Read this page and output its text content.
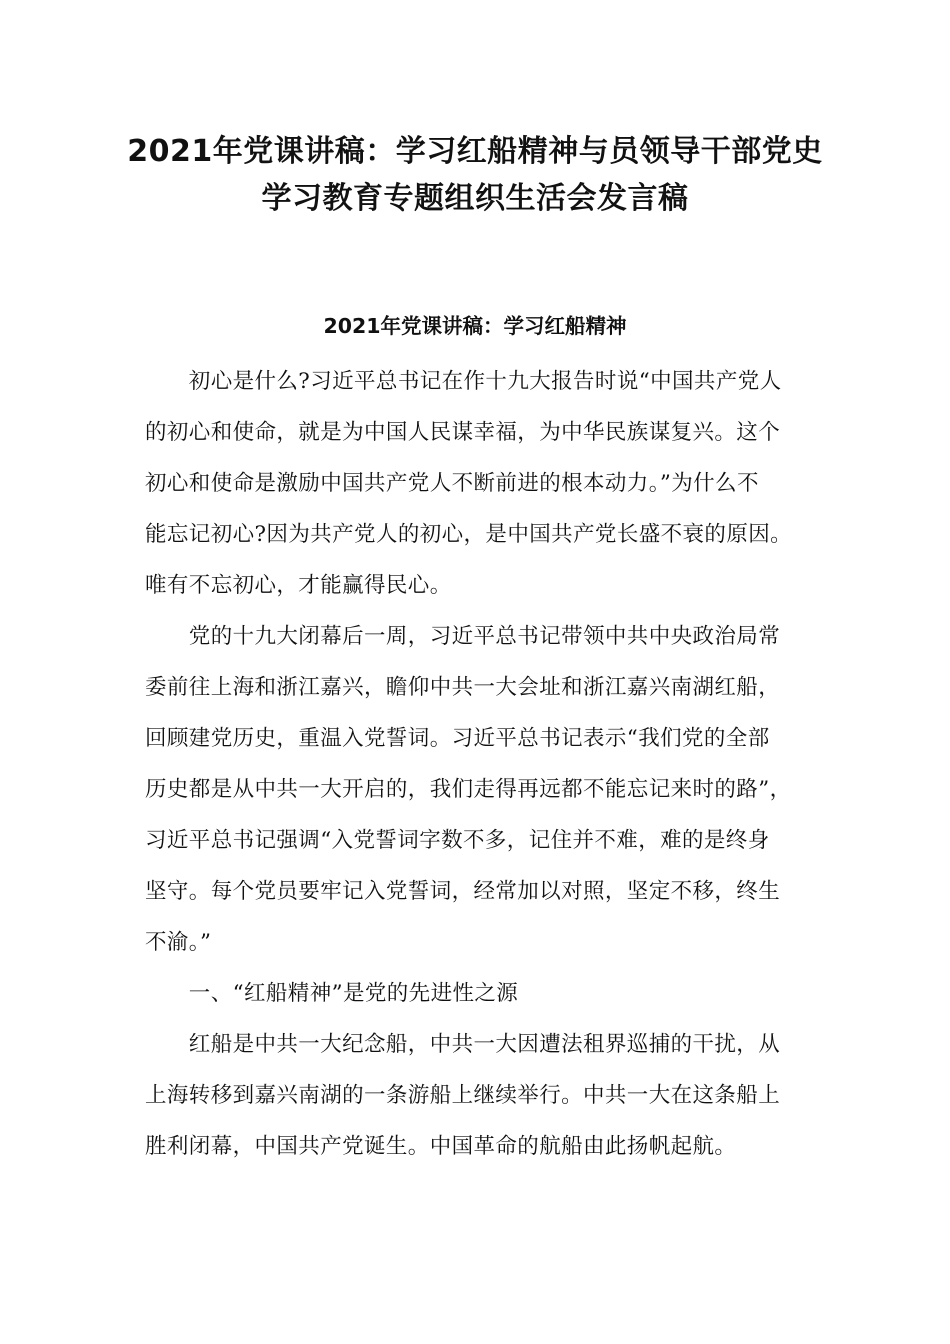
2021年党课讲稿：学习红船精神与员领导干部党史
学习教育专题组织生活会发言稿
2021年党课讲稿：学习红船精神

　　初心是什么?习近平总书记在作十九大报告时说“中国共产党人
的初心和使命，就是为中国人民谋幸福，为中华民族谋复兴。这个
初心和使命是激励中国共产党人不断前进的根本动力。”为什么不
能忘记初心?因为共产党人的初心，是中国共产党长盛不衰的原因。
唯有不忘初心，才能赢得民心。

　　党的十九大闭幕后一周，习近平总书记带领中共中央政治局常
委前往上海和浙江嘉兴，瞻仰中共一大会址和浙江嘉兴南湖红船，
回顾建党历史，重温入党誓词。习近平总书记表示“我们党的全部
历史都是从中共一大开启的，我们走得再远都不能忘记来时的路”，
习近平总书记强调“入党誓词字数不多，记住并不难，难的是终身
坚守。每个党员要牢记入党誓词，经常加以对照，坚定不移，终生
不渝。”

　　一、“红船精神”是党的先进性之源

　　红船是中共一大纪念船，中共一大因遭法租界巡捕的干扰，从
上海转移到嘉兴南湖的一条游船上继续举行。中共一大在这条船上
胜利闭幕，中国共产党诞生。中国革命的航船由此扬帆起航。
